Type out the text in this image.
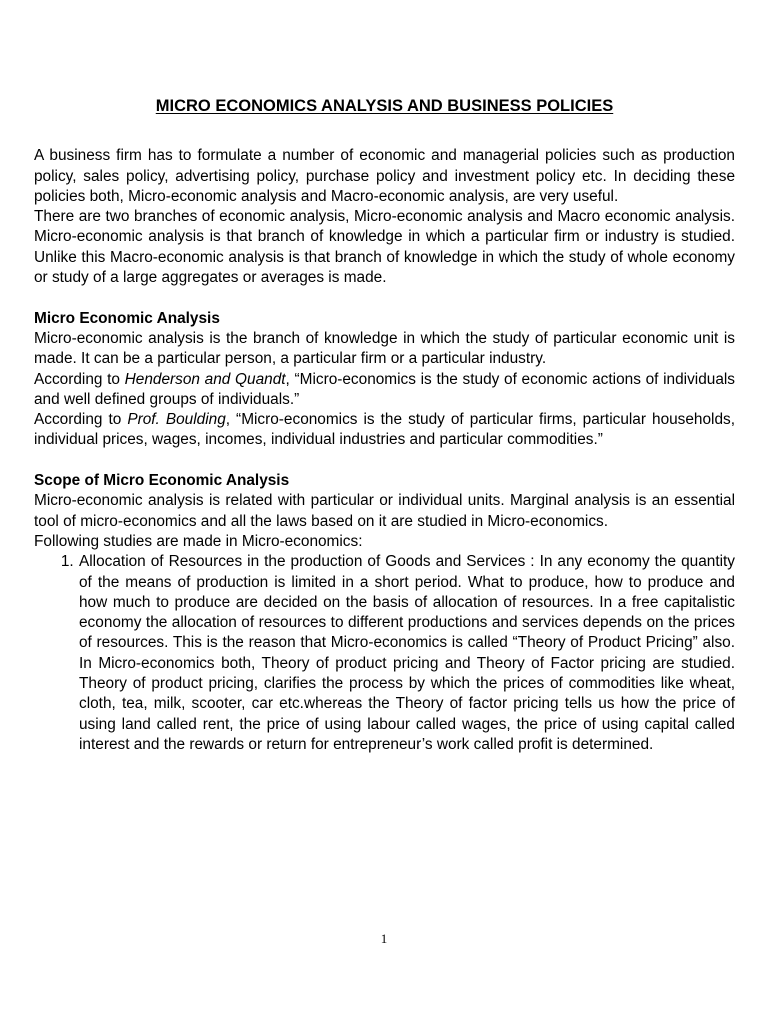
MICRO ECONOMICS ANALYSIS AND BUSINESS POLICIES

A business firm has to formulate a number of economic and managerial policies such as production policy, sales policy, advertising policy, purchase policy and investment policy etc. In deciding these policies both, Micro-economic analysis and Macro-economic analysis, are very useful.

There are two branches of economic analysis, Micro-economic analysis and Macro economic analysis. Micro-economic analysis is that branch of knowledge in which a particular firm or industry is studied. Unlike this Macro-economic analysis is that branch of knowledge in which the study of whole economy or study of a large aggregates or averages is made.

Micro Economic Analysis

Micro-economic analysis is the branch of knowledge in which the study of particular economic unit is made. It can be a particular person, a particular firm or a particular industry.

According to Henderson and Quandt, “Micro-economics is the study of economic actions of individuals and well defined groups of individuals.”

According to Prof. Boulding, “Micro-economics is the study of particular firms, particular households, individual prices, wages, incomes, individual industries and particular commodities.”

Scope of Micro Economic Analysis

Micro-economic analysis is related with particular or individual units. Marginal analysis is an essential tool of micro-economics and all the laws based on it are studied in Micro-economics.

Following studies are made in Micro-economics:

1. Allocation of Resources in the production of Goods and Services : In any economy the quantity of the means of production is limited in a short period. What to produce, how to produce and how much to produce are decided on the basis of allocation of resources. In a free capitalistic economy the allocation of resources to different productions and services depends on the prices of resources. This is the reason that Micro-economics is called “Theory of Product Pricing” also. In Micro-economics both, Theory of product pricing and Theory of Factor pricing are studied. Theory of product pricing, clarifies the process by which the prices of commodities like wheat, cloth, tea, milk, scooter, car etc.whereas the Theory of factor pricing tells us how the price of using land called rent, the price of using labour called wages, the price of using capital called interest and the rewards or return for entrepreneur’s work called profit is determined.
1
